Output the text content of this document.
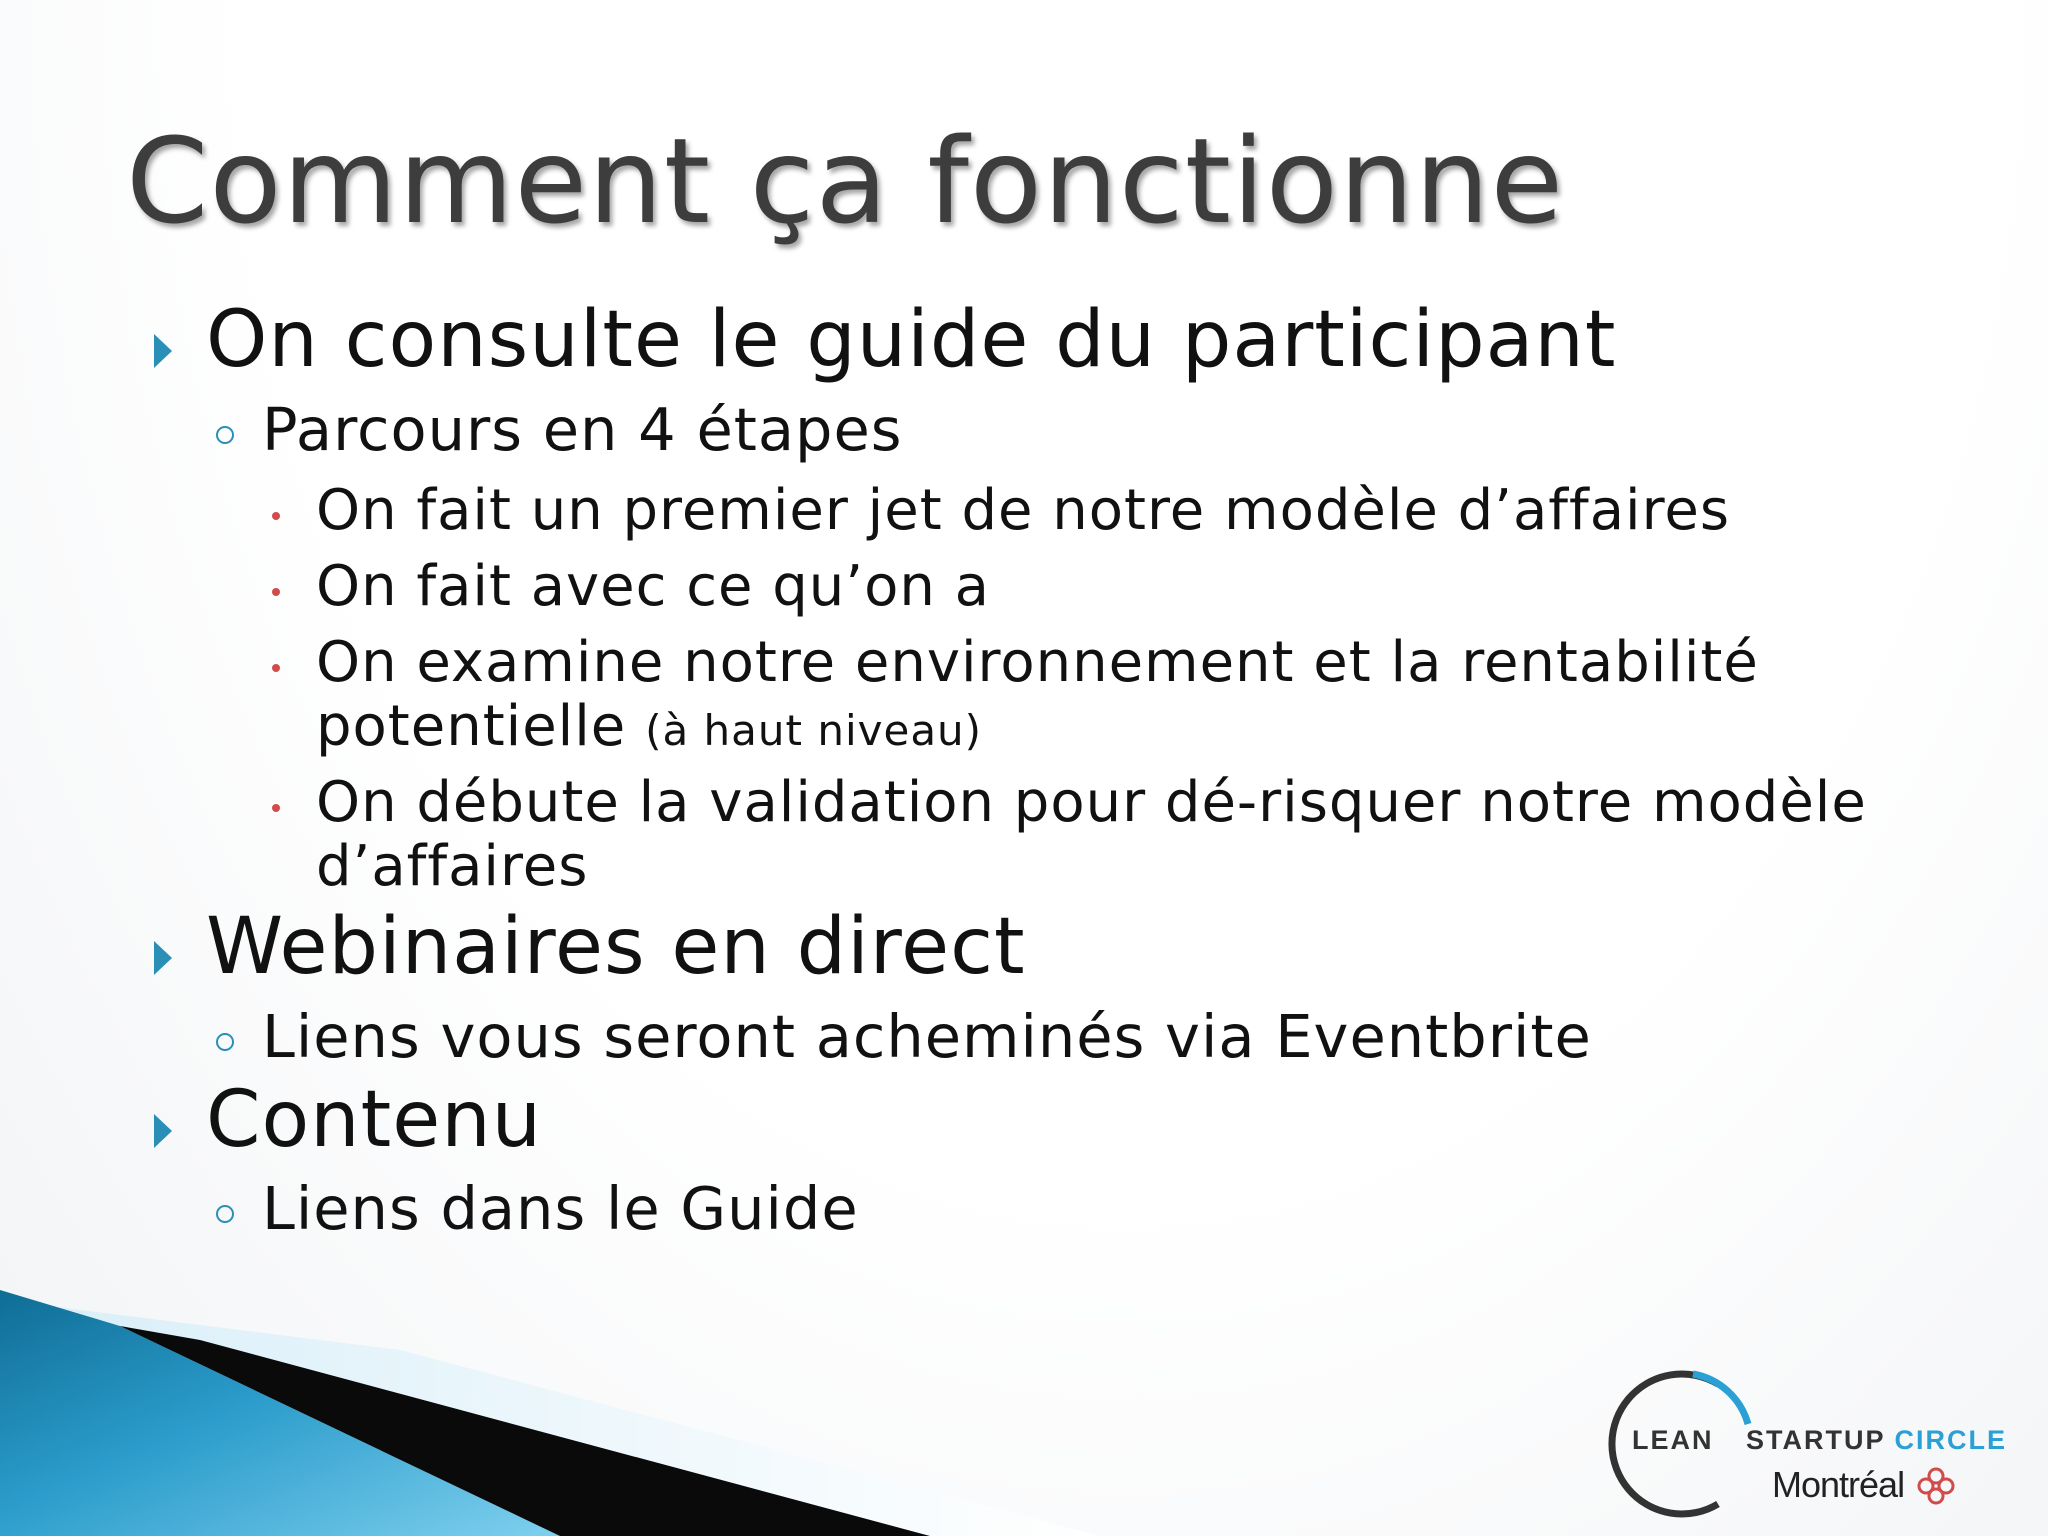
Comment ça fonctionne
On consulte le guide du participant
Parcours en 4 étapes
On fait un premier jet de notre modèle d’affaires
On fait avec ce qu’on a
On examine notre environnement et la rentabilité
potentielle (à haut niveau)
On débute la validation pour dé-risquer notre modèle
d’affaires
Webinaires en direct
Liens vous seront acheminés via Eventbrite
Contenu
Liens dans le Guide
LEAN STARTUP CIRCLE
Montréal
